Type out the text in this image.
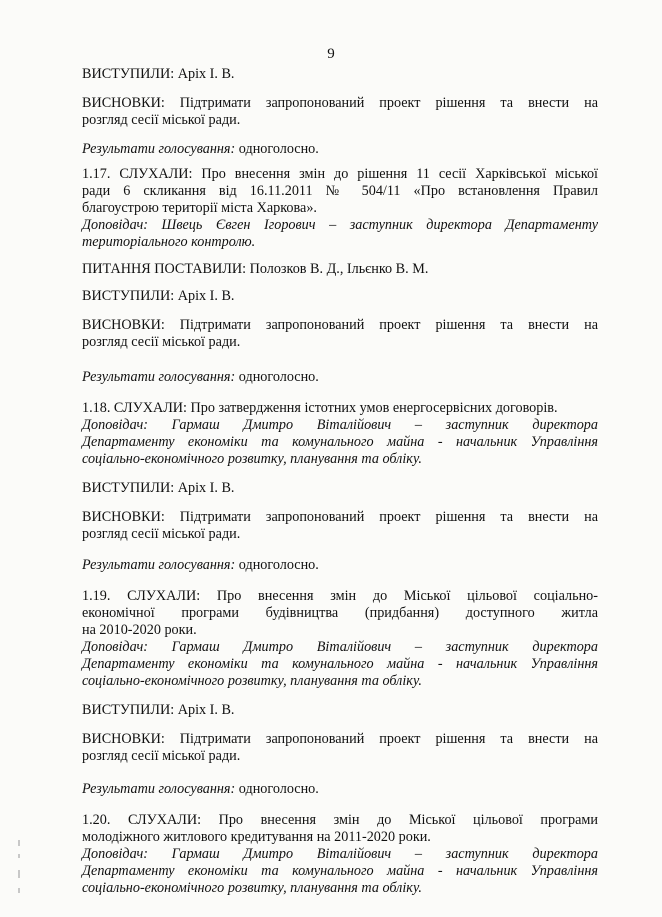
9

ВИСТУПИЛИ: Аріх І. В.

ВИСНОВКИ: Підтримати запропонований проект рішення та внести на
розгляд сесії міської ради.
Результати голосування: одноголосно.
1.17. СЛУХАЛИ: Про внесення змін до рішення 11 сесії Харківської міської
ради 6 скликання від 16.11.2011 № 504/11 «Про встановлення Правил
благоустрою території міста Харкова».
Доповідач: Швець Євген Ігорович – заступник директора Департаменту
територіального контролю.
ПИТАННЯ ПОСТАВИЛИ: Полозков В. Д., Ільєнко В. М.
ВИСТУПИЛИ: Аріх І. В.
ВИСНОВКИ: Підтримати запропонований проект рішення та внести на
розгляд сесії міської ради.
Результати голосування: одноголосно.
1.18. СЛУХАЛИ: Про затвердження істотних умов енергосервісних договорів.
Доповідач: Гармаш Дмитро Віталійович – заступник директора
Департаменту економіки та комунального майна - начальник Управління
соціально-економічного розвитку, планування та обліку.
ВИСТУПИЛИ: Аріх І. В.
ВИСНОВКИ: Підтримати запропонований проект рішення та внести на
розгляд сесії міської ради.
Результати голосування: одноголосно.
1.19. СЛУХАЛИ: Про внесення змін до Міської цільової соціально-
економічної програми будівництва (придбання) доступного житла
на 2010-2020 роки.
Доповідач: Гармаш Дмитро Віталійович – заступник директора
Департаменту економіки та комунального майна - начальник Управління
соціально-економічного розвитку, планування та обліку.
ВИСТУПИЛИ: Аріх І. В.
ВИСНОВКИ: Підтримати запропонований проект рішення та внести на
розгляд сесії міської ради.
Результати голосування: одноголосно.
1.20. СЛУХАЛИ: Про внесення змін до Міської цільової програми
молодіжного житлового кредитування на 2011-2020 роки.
Доповідач: Гармаш Дмитро Віталійович – заступник директора
Департаменту економіки та комунального майна - начальник Управління
соціально-економічного розвитку, планування та обліку.
